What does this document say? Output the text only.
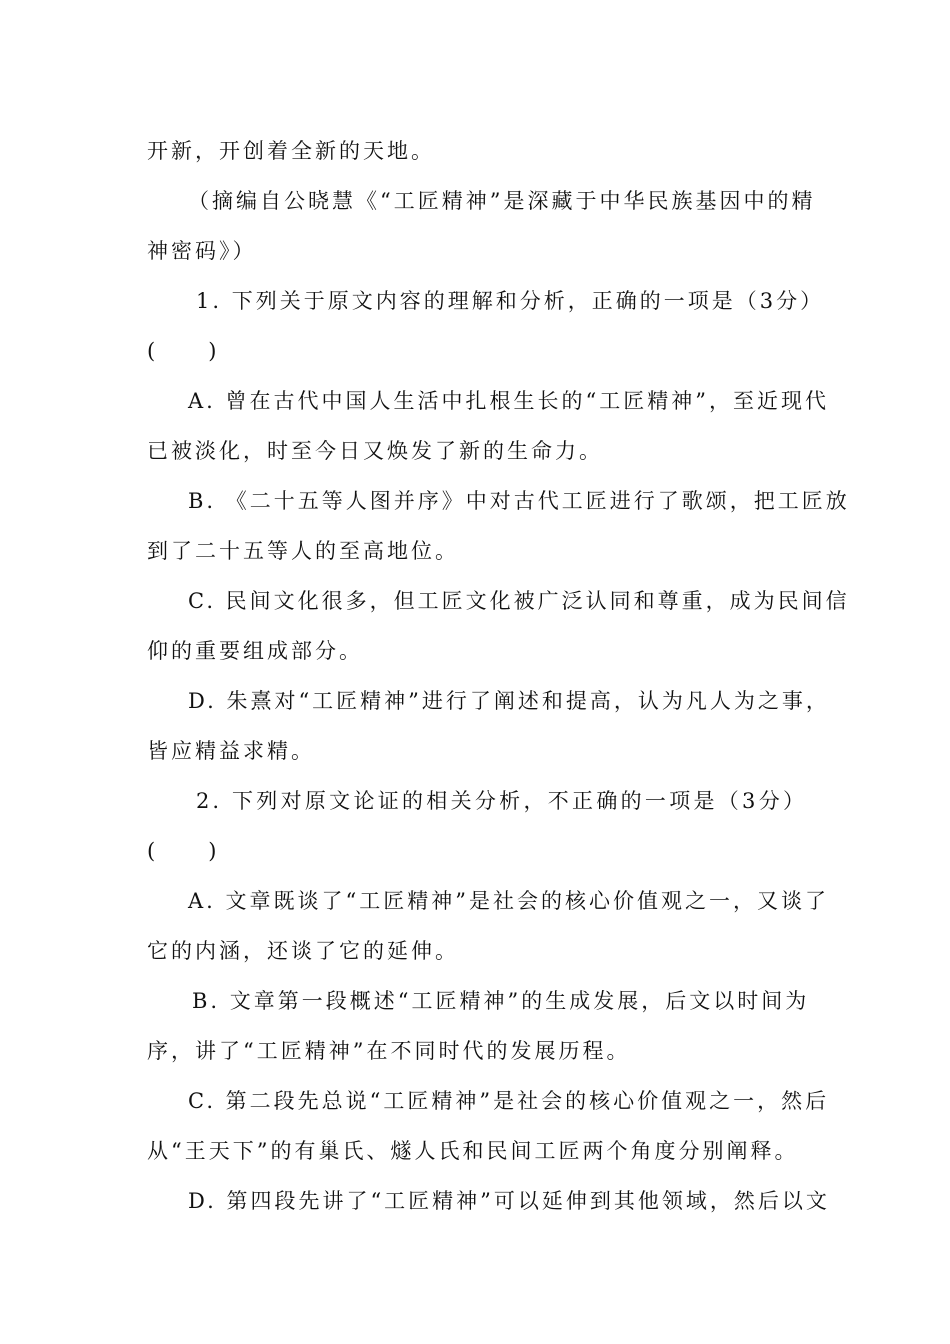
开新，开创着全新的天地。
（摘编自公晓慧《“工匠精神”是深藏于中华民族基因中的精
神密码》）
1. 下列关于原文内容的理解和分析，正确的一项是（3分）
( )
A. 曾在古代中国人生活中扎根生长的“工匠精神”，至近现代
已被淡化，时至今日又焕发了新的生命力。
B. 《二十五等人图并序》中对古代工匠进行了歌颂，把工匠放
到了二十五等人的至高地位。
C. 民间文化很多，但工匠文化被广泛认同和尊重，成为民间信
仰的重要组成部分。
D. 朱熹对“工匠精神”进行了阐述和提高，认为凡人为之事，
皆应精益求精。
2. 下列对原文论证的相关分析，不正确的一项是（3分）
( )
A. 文章既谈了“工匠精神”是社会的核心价值观之一，又谈了
它的内涵，还谈了它的延伸。
B. 文章第一段概述“工匠精神”的生成发展，后文以时间为
序，讲了“工匠精神”在不同时代的发展历程。
C. 第二段先总说“工匠精神”是社会的核心价值观之一，然后
从“王天下”的有巢氏、燧人氏和民间工匠两个角度分别阐释。
D. 第四段先讲了“工匠精神”可以延伸到其他领域，然后以文
